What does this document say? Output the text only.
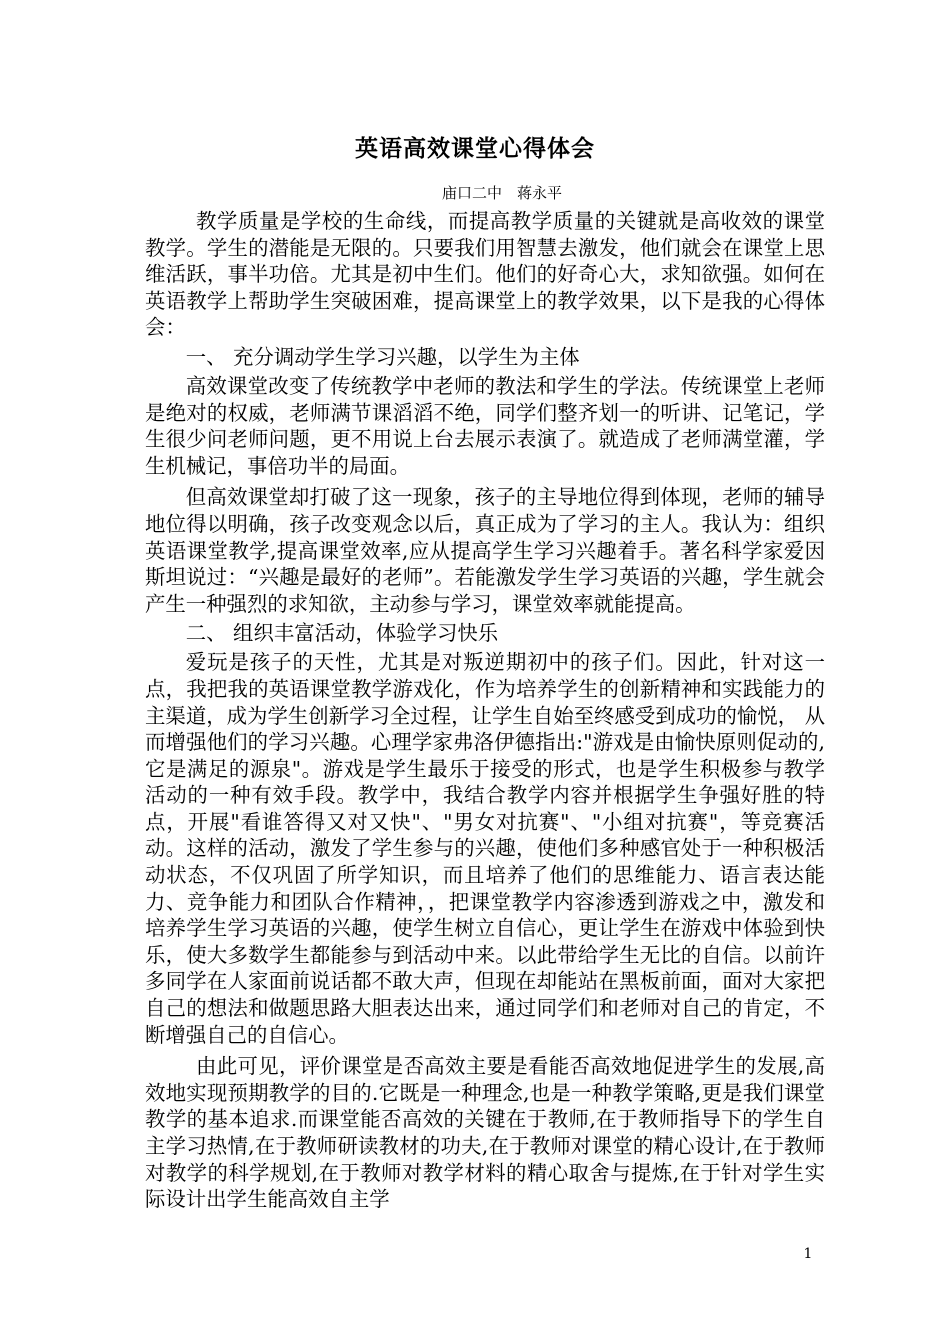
英语高效课堂心得体会
庙口二中　蒋永平

教学质量是学校的生命线，而提高教学质量的关键就是高收效的课堂教学。学生的潜能是无限的。只要我们用智慧去激发，他们就会在课堂上思维活跃，事半功倍。尤其是初中生们。他们的好奇心大，求知欲强。如何在英语教学上帮助学生突破困难，提高课堂上的教学效果，以下是我的心得体会：

一、 充分调动学生学习兴趣，以学生为主体

高效课堂改变了传统教学中老师的教法和学生的学法。传统课堂上老师是绝对的权威，老师满节课滔滔不绝，同学们整齐划一的听讲、记笔记，学生很少问老师问题，更不用说上台去展示表演了。就造成了老师满堂灌，学生机械记，事倍功半的局面。

但高效课堂却打破了这一现象，孩子的主导地位得到体现，老师的辅导地位得以明确，孩子改变观念以后，真正成为了学习的主人。我认为：组织英语课堂教学,提高课堂效率,应从提高学生学习兴趣着手。著名科学家爱因斯坦说过：“兴趣是最好的老师”。若能激发学生学习英语的兴趣，学生就会产生一种强烈的求知欲，主动参与学习，课堂效率就能提高。

二、 组织丰富活动，体验学习快乐

爱玩是孩子的天性，尤其是对叛逆期初中的孩子们。因此，针对这一点，我把我的英语课堂教学游戏化，作为培养学生的创新精神和实践能力的主渠道，成为学生创新学习全过程，让学生自始至终感受到成功的愉悦， 从而增强他们的学习兴趣。心理学家弗洛伊德指出:"游戏是由愉快原则促动的,它是满足的源泉"。游戏是学生最乐于接受的形式，也是学生积极参与教学活动的一种有效手段。教学中，我结合教学内容并根据学生争强好胜的特点，开展"看谁答得又对又快"、"男女对抗赛"、"小组对抗赛"，等竞赛活动。这样的活动，激发了学生参与的兴趣，使他们多种感官处于一种积极活动状态，不仅巩固了所学知识，而且培养了他们的思维能力、语言表达能力、竞争能力和团队合作精神，，把课堂教学内容渗透到游戏之中，激发和培养学生学习英语的兴趣，使学生树立自信心，更让学生在游戏中体验到快乐，使大多数学生都能参与到活动中来。以此带给学生无比的自信。以前许多同学在人家面前说话都不敢大声，但现在却能站在黑板前面，面对大家把自己的想法和做题思路大胆表达出来，通过同学们和老师对自己的肯定，不断增强自己的自信心。

由此可见，评价课堂是否高效主要是看能否高效地促进学生的发展,高效地实现预期教学的目的.它既是一种理念,也是一种教学策略,更是我们课堂教学的基本追求.而课堂能否高效的关键在于教师,在于教师指导下的学生自主学习热情,在于教师研读教材的功夫,在于教师对课堂的精心设计,在于教师对教学的科学规划,在于教师对教学材料的精心取舍与提炼,在于针对学生实际设计出学生能高效自主学

1
